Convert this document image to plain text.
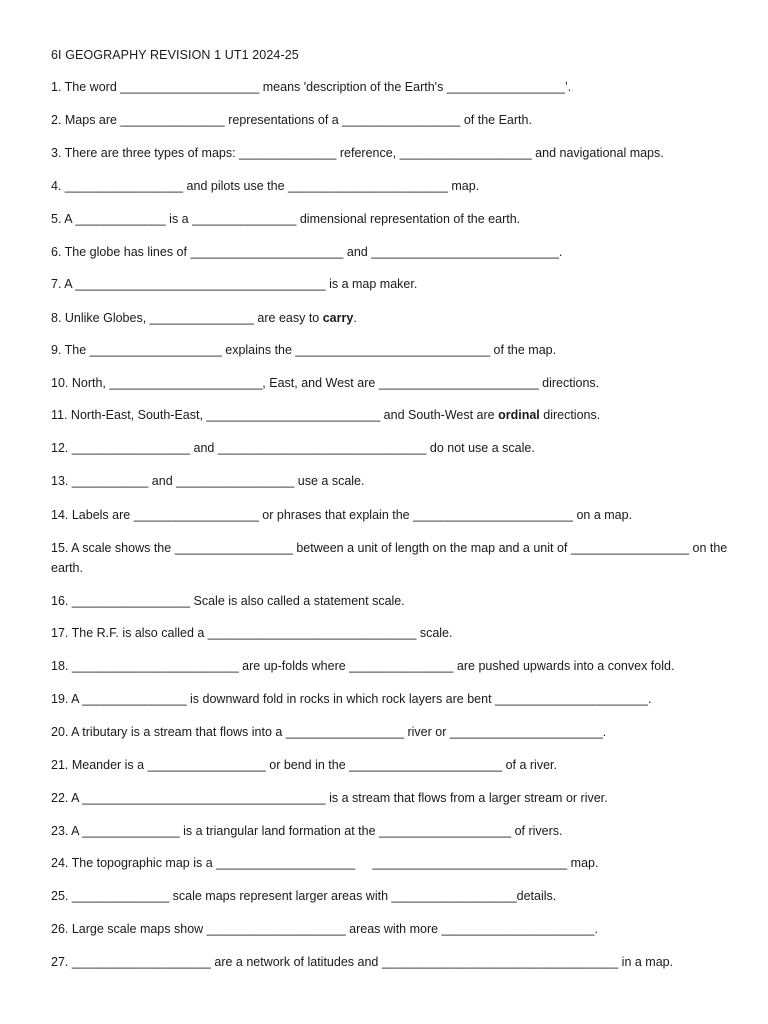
6I GEOGRAPHY REVISION 1 UT1 2024-25
1. The word ____________________ means 'description of the Earth's _________________’.
2. Maps are _______________ representations of a _________________ of the Earth.
3. There are three types of maps: ______________ reference, ___________________ and navigational maps.
4. _________________ and pilots use the _______________________ map.
5. A _____________ is a _______________ dimensional representation of the earth.
6. The globe has lines of ______________________ and ___________________________.
7. A ____________________________________ is a map maker.
8. Unlike Globes, _______________ are easy to carry.
9. The ___________________ explains the ____________________________ of the map.
10. North, ______________________, East, and West are _______________________ directions.
11. North-East, South-East, _________________________ and South-West are ordinal directions.
12. _________________ and ______________________________ do not use a scale.
13. ___________ and _________________ use a scale.
14. Labels are __________________ or phrases that explain the _______________________ on a map.
15. A scale shows the _________________ between a unit of length on the map and a unit of _________________ on the earth.
16. _________________ Scale is also called a statement scale.
17. The R.F. is also called a ______________________________ scale.
18. ________________________ are up-folds where _______________ are pushed upwards into a convex fold.
19. A _______________ is downward fold in rocks in which rock layers are bent ______________________.
20. A tributary is a stream that flows into a _________________ river or ______________________.
21. Meander is a _________________ or bend in the ______________________ of a river.
22. A ___________________________________ is a stream that flows from a larger stream or river.
23. A ______________ is a triangular land formation at the ___________________ of rivers.
24. The topographic map is a ____________________     ____________________________ map.
25. ______________ scale maps represent larger areas with __________________details.
26. Large scale maps show ____________________ areas with more ______________________.
27. ____________________ are a network of latitudes and __________________________________ in a map.
